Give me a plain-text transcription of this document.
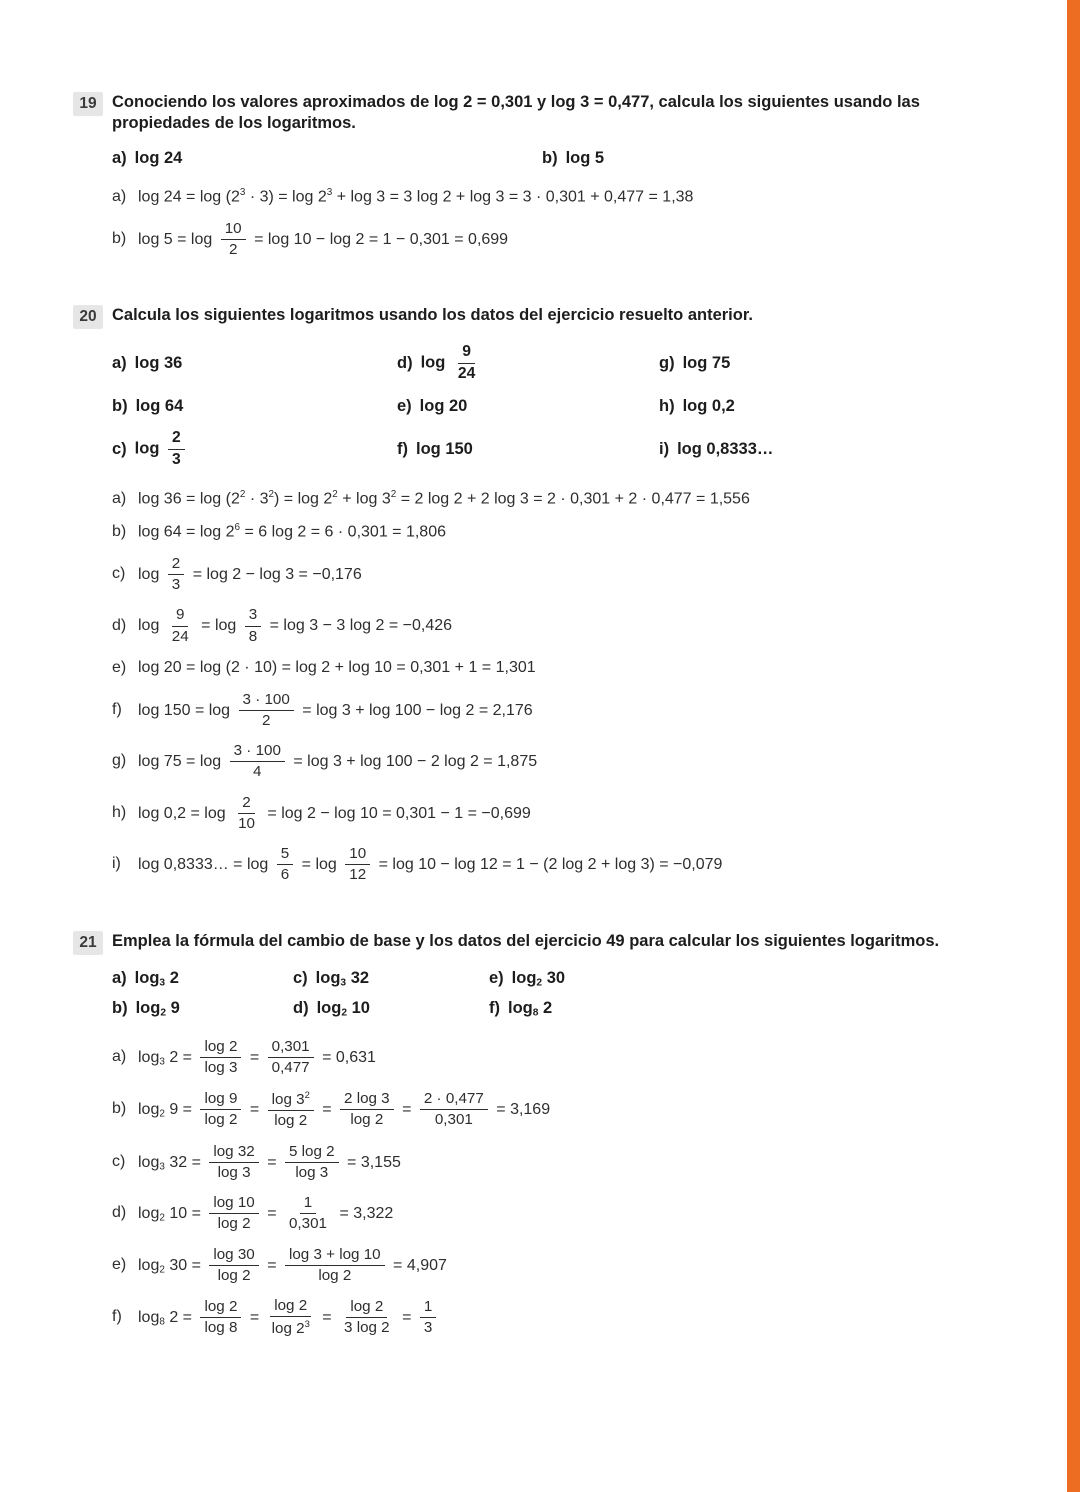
19 Conociendo los valores aproximados de log 2 = 0,301 y log 3 = 0,477, calcula los siguientes usando las propiedades de los logaritmos.

a) log 24	b) log 5
a) $\log 24 = \log (2^3 \cdot 3) = \log 2^3 + \log 3 = 3$ log 2 + log 3 = 3 · 0,301 + 0,477 = 1,38
b) $\log 5 = \log \frac{10}{2} = \log 10 - \log 2 = 1 - 0,301 = 0,699$
20 Calcula los siguientes logaritmos usando los datos del ejercicio resuelto anterior.

a) log 36	d) $\log \frac{9}{24}$	g) log 75
b) log 64	e) log 20	h) log 0,2
c) $\log \frac{2}{3}$	f) log 150	i) log 0,8333…
a) $\log 36 = \log (2^2 \cdot 3^2) = \log 2^2 + \log 3^2 = 2$ log 2 + 2 log 3 = 2 · 0,301 + 2 · 0,477 = 1,556
b) $\log 64 = \log 2^6 = 6$ log 2 = 6 · 0,301 = 1,806
c) $\log \frac{2}{3} = \log 2 - \log 3 = -0,176$
d) $\log \frac{9}{24} = \log \frac{3}{8} = \log 3 - 3$ log 2 = −0,426
e) log 20 = log (2 · 10) = log 2 + log 10 = 0,301 + 1 = 1,301
f)	$\log 150 = \log \frac{3 \cdot 100}{2} = \log 3 + \log 100 - \log 2 = 2,176$
g) $\log 75 = \log \frac{3 \cdot 100}{4} = \log 3 + \log 100 - 2$ log 2 = 1,875
h) $\log 0,2 = \log \frac{2}{10} = \log 2 - \log 10 = 0,301 - 1 = -0,699$
i)	log 0,8333… = $\log \frac{5}{6} = \log \frac{10}{12} = \log 10 - \log 12 = 1 - (2$ log 2 + log 3) = −0,079
21 Emplea la fórmula del cambio de base y los datos del ejercicio 49 para calcular los siguientes logaritmos.

a) $\log_3 2$	c) $\log_3 32$	e) $\log_2 30$
b) $\log_2 9$	d) $\log_2 10$	f) $\log_8 2$
a) $\log_3 2 = \frac{\log 2}{\log 3} = \frac{0,301}{0,477} = 0,631$
b) $\log_2 9 = \frac{\log 9}{\log 2} = \frac{\log 3^2}{\log 2} = \frac{2 \log 3}{\log 2} = \frac{2 \cdot 0,477}{0,301} = 3,169$
c) $\log_3 32 = \frac{\log 32}{\log 3} = \frac{5 \log 2}{\log 3} = 3,155$
d) $\log_2 10 = \frac{\log 10}{\log 2} = \frac{1}{0,301} = 3,322$
e) $\log_2 30 = \frac{\log 30}{\log 2} = \frac{\log 3 + \log 10}{\log 2} = 4,907$
f)	$\log_8 2 = \frac{\log 2}{\log 8} = \frac{\log 2}{\log 2^3} = \frac{\log 2}{3 \log 2} = \frac{1}{3}$
